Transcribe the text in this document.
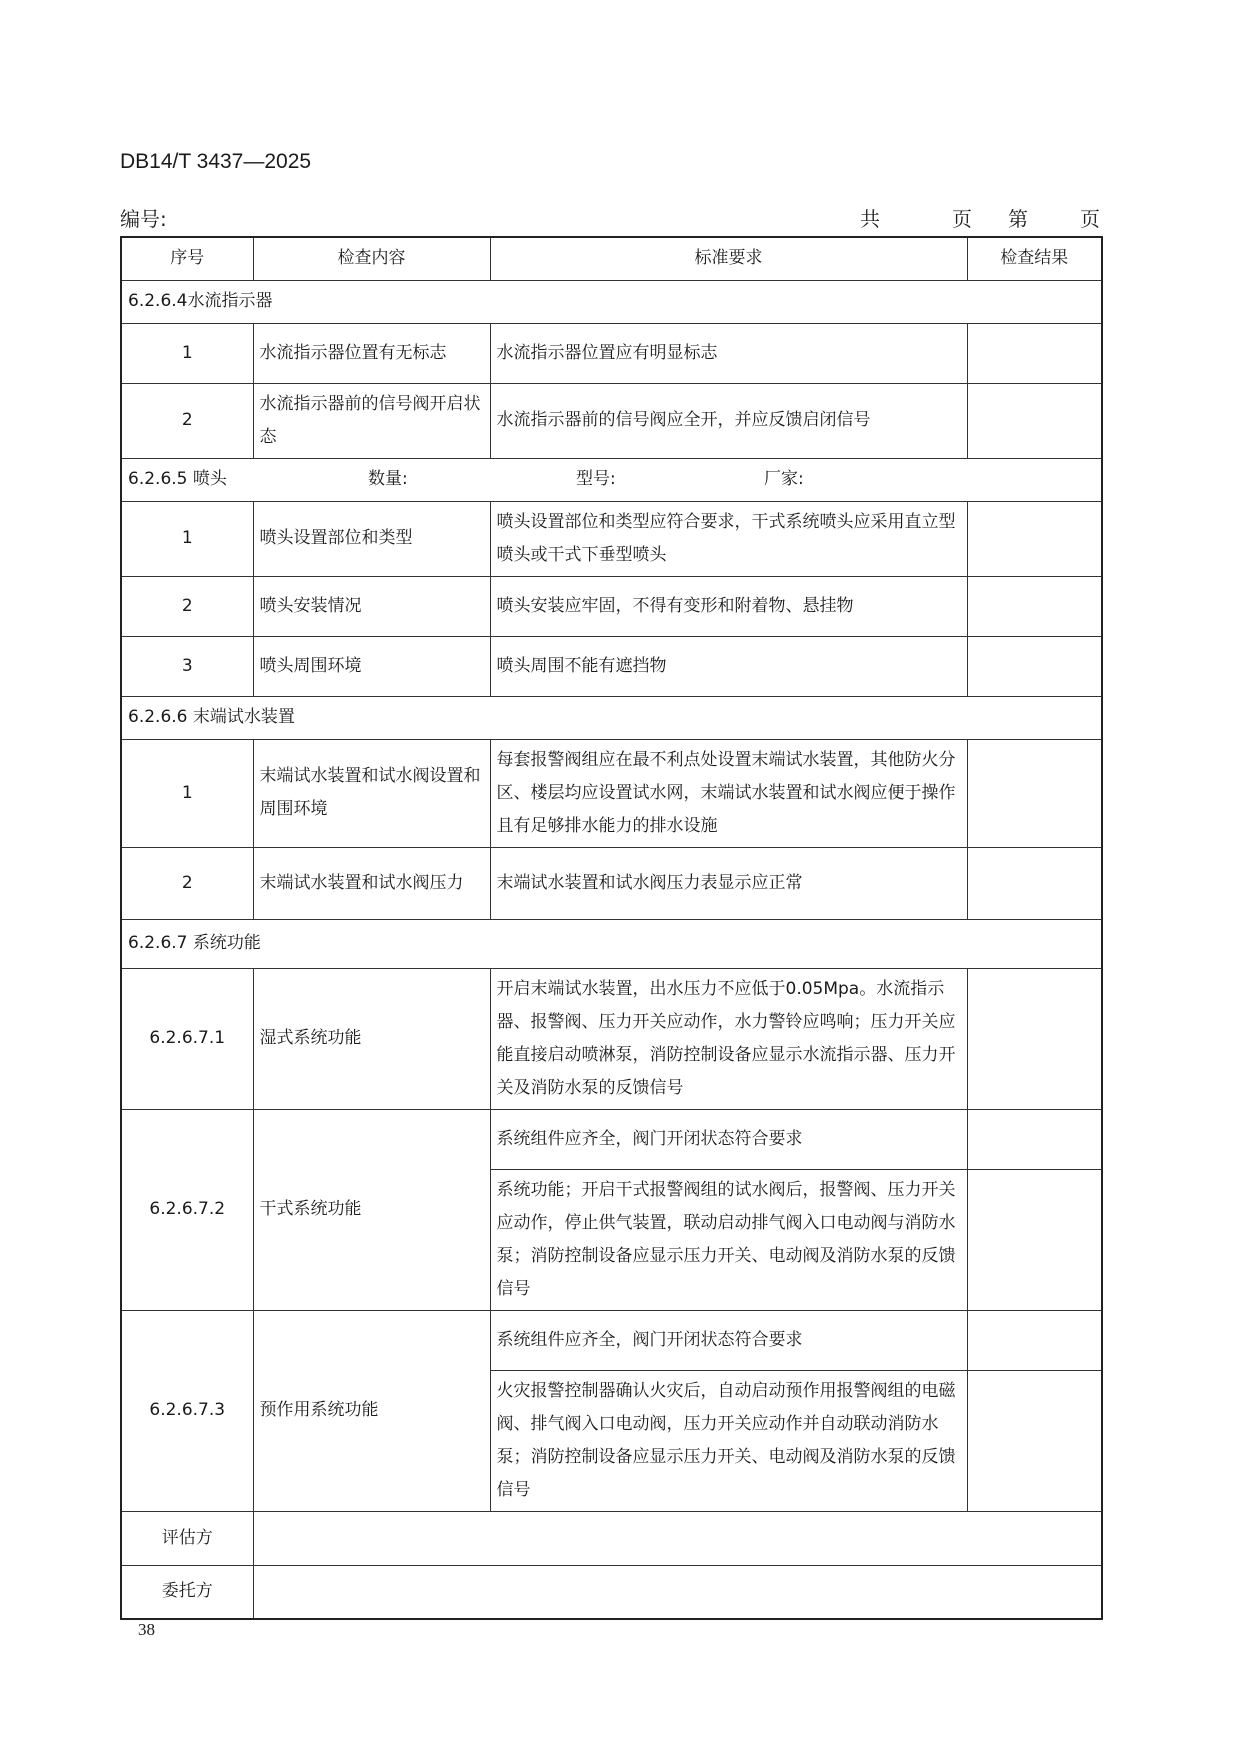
DB14/T 3437—2025
编号:	共	页 第	页
序号	检查内容	标准要求	检查结果
6.2.6.4水流指示器			
1	水流指示器位置有无标志	水流指示器位置应有明显标志	
2	水流指示器前的信号阀开启状态	水流指示器前的信号阀应全开，并应反馈启闭信号	
6.2.6.5 喷头 数量: 型号: 厂家:			
1	喷头设置部位和类型	喷头设置部位和类型应符合要求，干式系统喷头应采用直立型喷头或干式下垂型喷头	
2	喷头安装情况	喷头安装应牢固，不得有变形和附着物、悬挂物	
3	喷头周围环境	喷头周围不能有遮挡物	
6.2.6.6 末端试水装置			
1	末端试水装置和试水阀设置和周围环境	每套报警阀组应在最不利点处设置末端试水装置，其他防火分区、楼层均应设置试水网，末端试水装置和试水阀应便于操作且有足够排水能力的排水设施	
2	末端试水装置和试水阀压力	末端试水装置和试水阀压力表显示应正常	
6.2.6.7 系统功能			
6.2.6.7.1	湿式系统功能	开启末端试水装置，出水压力不应低于0.05Mpa。水流指示器、报警阀、压力开关应动作，水力警铃应鸣响；压力开关应能直接启动喷淋泵，消防控制设备应显示水流指示器、压力开关及消防水泵的反馈信号	
6.2.6.7.2	干式系统功能	系统组件应齐全，阀门开闭状态符合要求	
		系统功能；开启干式报警阀组的试水阀后，报警阀、压力开关应动作，停止供气装置，联动启动排气阀入口电动阀与消防水泵；消防控制设备应显示压力开关、电动阀及消防水泵的反馈信号	
6.2.6.7.3	预作用系统功能	系统组件应齐全，阀门开闭状态符合要求	
		火灾报警控制器确认火灾后，自动启动预作用报警阀组的电磁阀、排气阀入口电动阀，压力开关应动作并自动联动消防水泵；消防控制设备应显示压力开关、电动阀及消防水泵的反馈信号	
评估方			
委托方			
38
